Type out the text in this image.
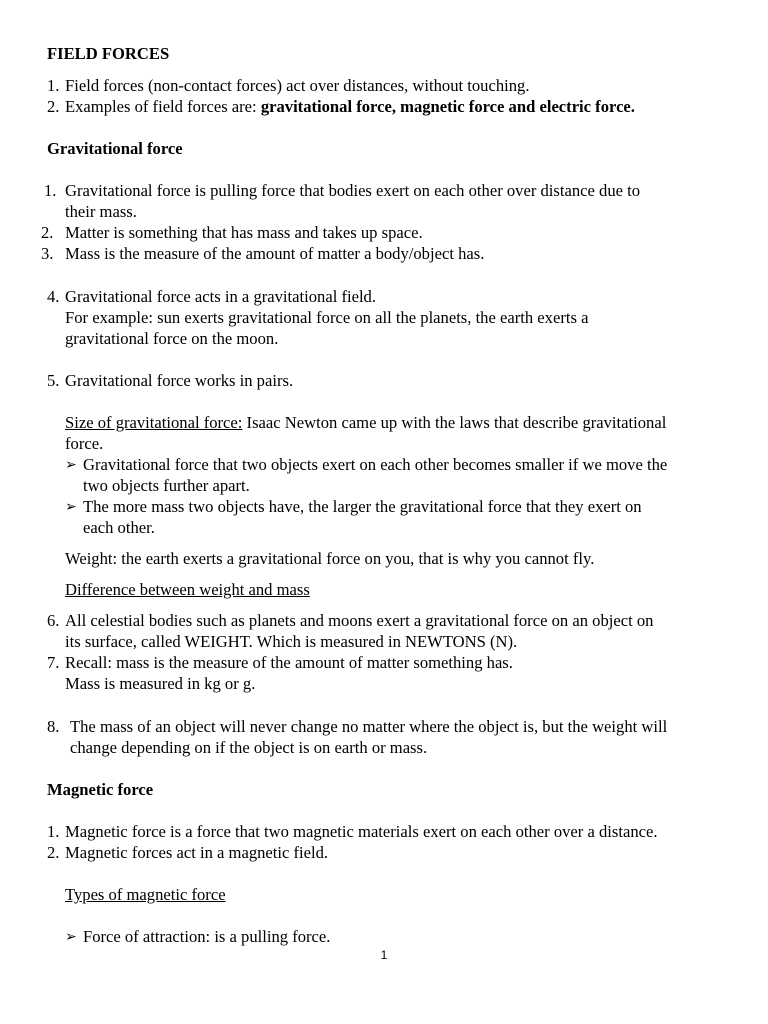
FIELD FORCES
1. Field forces (non-contact forces) act over distances, without touching.
2. Examples of field forces are: gravitational force, magnetic force and electric force.
Gravitational force
1. Gravitational force is pulling force that bodies exert on each other over distance due to
their mass.
2. Matter is something that has mass and takes up space.
3. Mass is the measure of the amount of matter a body/object has.
4. Gravitational force acts in a gravitational field.
For example: sun exerts gravitational force on all the planets, the earth exerts a
gravitational force on the moon.
5. Gravitational force works in pairs.
Size of gravitational force: Isaac Newton came up with the laws that describe gravitational
force.
➢ Gravitational force that two objects exert on each other becomes smaller if we move the
two objects further apart.
➢ The more mass two objects have, the larger the gravitational force that they exert on
each other.
Weight: the earth exerts a gravitational force on you, that is why you cannot fly.
Difference between weight and mass
6. All celestial bodies such as planets and moons exert a gravitational force on an object on
its surface, called WEIGHT. Which is measured in NEWTONS (N).
7. Recall: mass is the measure of the amount of matter something has.
Mass is measured in kg or g.
8. The mass of an object will never change no matter where the object is, but the weight will
change depending on if the object is on earth or mass.
Magnetic force
1. Magnetic force is a force that two magnetic materials exert on each other over a distance.
2. Magnetic forces act in a magnetic field.
Types of magnetic force
➢ Force of attraction: is a pulling force.
1
